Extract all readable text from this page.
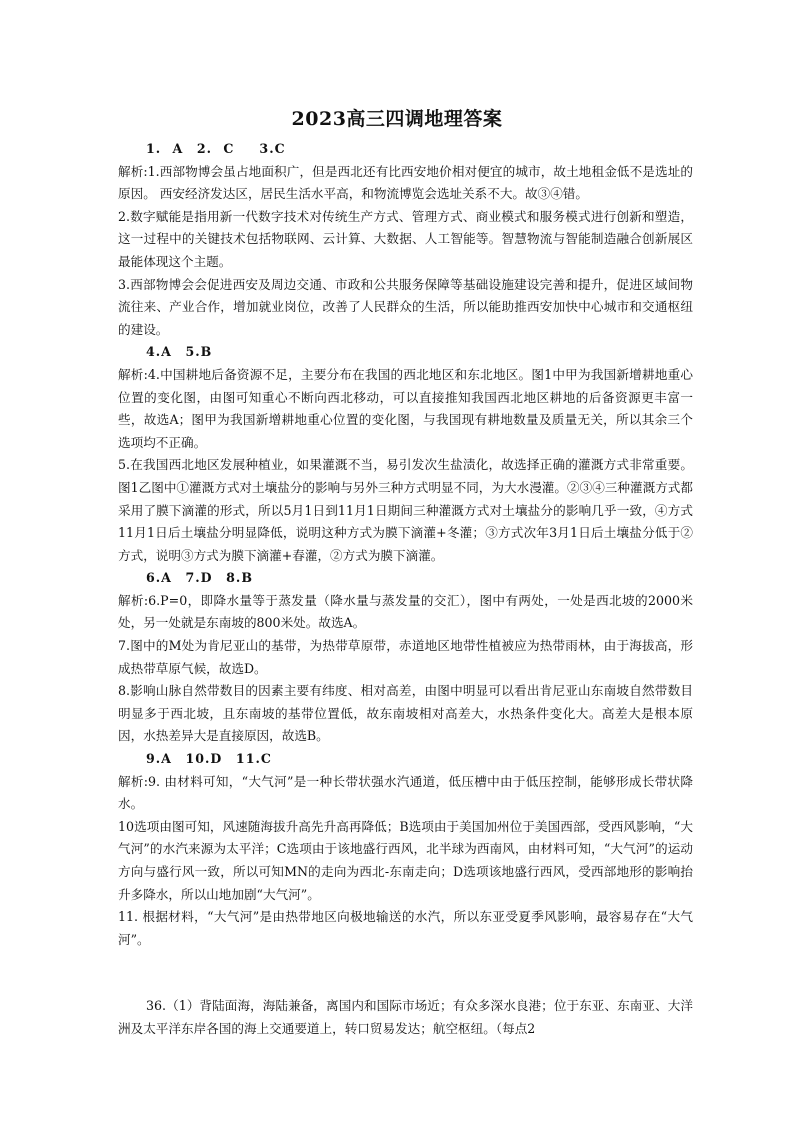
2023高三四调地理答案

1. A　2. C　 3.C

解析:1.西部物博会虽占地面积广，但是西北还有比西安地价相对便宜的城市，故土地租金低不是选址的原因。 西安经济发达区，居民生活水平高，和物流博览会选址关系不大。故③④错。

2.数字赋能是指用新一代数字技术对传统生产方式、管理方式、商业模式和服务模式进行创新和塑造，这一过程中的关键技术包括物联网、云计算、大数据、人工智能等。智慧物流与智能制造融合创新展区最能体现这个主题。

3.西部物博会会促进西安及周边交通、市政和公共服务保障等基础设施建设完善和提升，促进区域间物流往来、产业合作，增加就业岗位，改善了人民群众的生活，所以能助推西安加快中心城市和交通枢纽的建设。

4.A　5.B

解析:4.中国耕地后备资源不足，主要分布在我国的西北地区和东北地区。图1中甲为我国新增耕地重心位置的变化图，由图可知重心不断向西北移动，可以直接推知我国西北地区耕地的后备资源更丰富一些，故选A；图甲为我国新增耕地重心位置的变化图，与我国现有耕地数量及质量无关，所以其余三个选项均不正确。

5.在我国西北地区发展种植业，如果灌溉不当，易引发次生盐渍化，故选择正确的灌溉方式非常重要。图1乙图中①灌溉方式对土壤盐分的影响与另外三种方式明显不同，为大水漫灌。②③④三种灌溉方式都采用了膜下滴灌的形式，所以5月1日到11月1日期间三种灌溉方式对土壤盐分的影响几乎一致，④方式11月1日后土壤盐分明显降低，说明这种方式为膜下滴灌+冬灌；③方式次年3月1日后土壤盐分低于②方式，说明③方式为膜下滴灌+春灌，②方式为膜下滴灌。

6.A　7.D　8.B

解析:6.P=0，即降水量等于蒸发量（降水量与蒸发量的交汇），图中有两处，一处是西北坡的2000米处，另一处就是东南坡的800米处。故选A。

7.图中的M处为肯尼亚山的基带，为热带草原带，赤道地区地带性植被应为热带雨林，由于海拔高，形成热带草原气候，故选D。

8.影响山脉自然带数目的因素主要有纬度、相对高差，由图中明显可以看出肯尼亚山东南坡自然带数目明显多于西北坡，且东南坡的基带位置低，故东南坡相对高差大，水热条件变化大。高差大是根本原因，水热差异大是直接原因，故选B。

9.A　10.D　11.C

解析:9. 由材料可知，“大气河”是一种长带状强水汽通道，低压槽中由于低压控制，能够形成长带状降水。

10选项由图可知，风速随海拔升高先升高再降低；B选项由于美国加州位于美国西部，受西风影响，“大气河”的水汽来源为太平洋；C选项由于该地盛行西风，北半球为西南风，由材料可知，“大气河”的运动方向与盛行风一致，所以可知MN的走向为西北-东南走向；D选项该地盛行西风，受西部地形的影响抬升多降水，所以山地加剧“大气河”。

11. 根据材料，“大气河”是由热带地区向极地输送的水汽，所以东亚受夏季风影响，最容易存在“大气河”。

36.（1）背陆面海，海陆兼备，离国内和国际市场近；有众多深水良港；位于东亚、东南亚、大洋洲及太平洋东岸各国的海上交通要道上，转口贸易发达；航空枢纽。（每点2
